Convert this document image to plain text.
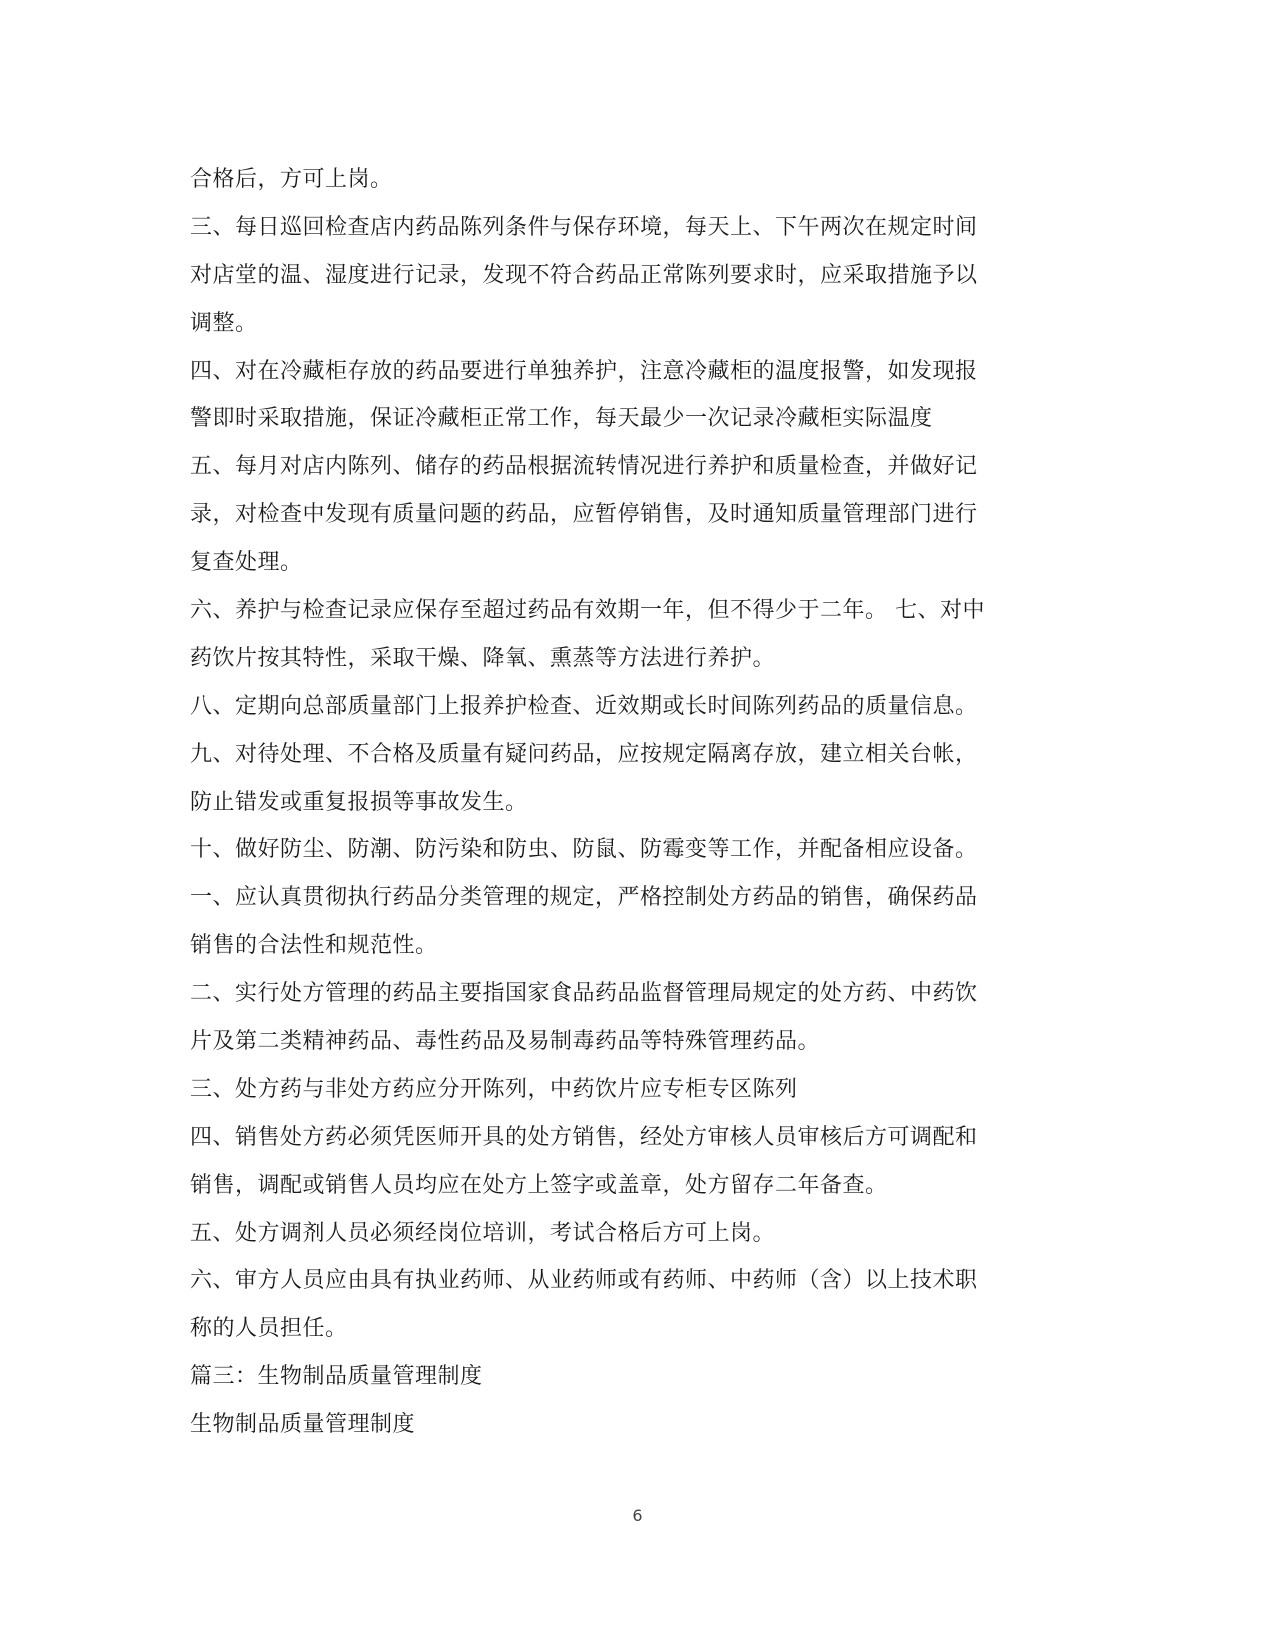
合格后，方可上岗。
三、每日巡回检查店内药品陈列条件与保存环境，每天上、下午两次在规定时间
对店堂的温、湿度进行记录，发现不符合药品正常陈列要求时，应采取措施予以
调整。
四、对在冷藏柜存放的药品要进行单独养护，注意冷藏柜的温度报警，如发现报
警即时采取措施，保证冷藏柜正常工作，每天最少一次记录冷藏柜实际温度
五、每月对店内陈列、储存的药品根据流转情况进行养护和质量检查，并做好记
录，对检查中发现有质量问题的药品，应暂停销售，及时通知质量管理部门进行
复查处理。
六、养护与检查记录应保存至超过药品有效期一年，但不得少于二年。 七、对中
药饮片按其特性，采取干燥、降氧、熏蒸等方法进行养护。
八、定期向总部质量部门上报养护检查、近效期或长时间陈列药品的质量信息。
九、对待处理、不合格及质量有疑问药品，应按规定隔离存放，建立相关台帐，
防止错发或重复报损等事故发生。
十、做好防尘、防潮、防污染和防虫、防鼠、防霉变等工作，并配备相应设备。
一、应认真贯彻执行药品分类管理的规定，严格控制处方药品的销售，确保药品
销售的合法性和规范性。
二、实行处方管理的药品主要指国家食品药品监督管理局规定的处方药、中药饮
片及第二类精神药品、毒性药品及易制毒药品等特殊管理药品。
三、处方药与非处方药应分开陈列，中药饮片应专柜专区陈列
四、销售处方药必须凭医师开具的处方销售，经处方审核人员审核后方可调配和
销售，调配或销售人员均应在处方上签字或盖章，处方留存二年备查。
五、处方调剂人员必须经岗位培训，考试合格后方可上岗。
六、审方人员应由具有执业药师、从业药师或有药师、中药师（含）以上技术职
称的人员担任。
篇三：生物制品质量管理制度
生物制品质量管理制度
6
